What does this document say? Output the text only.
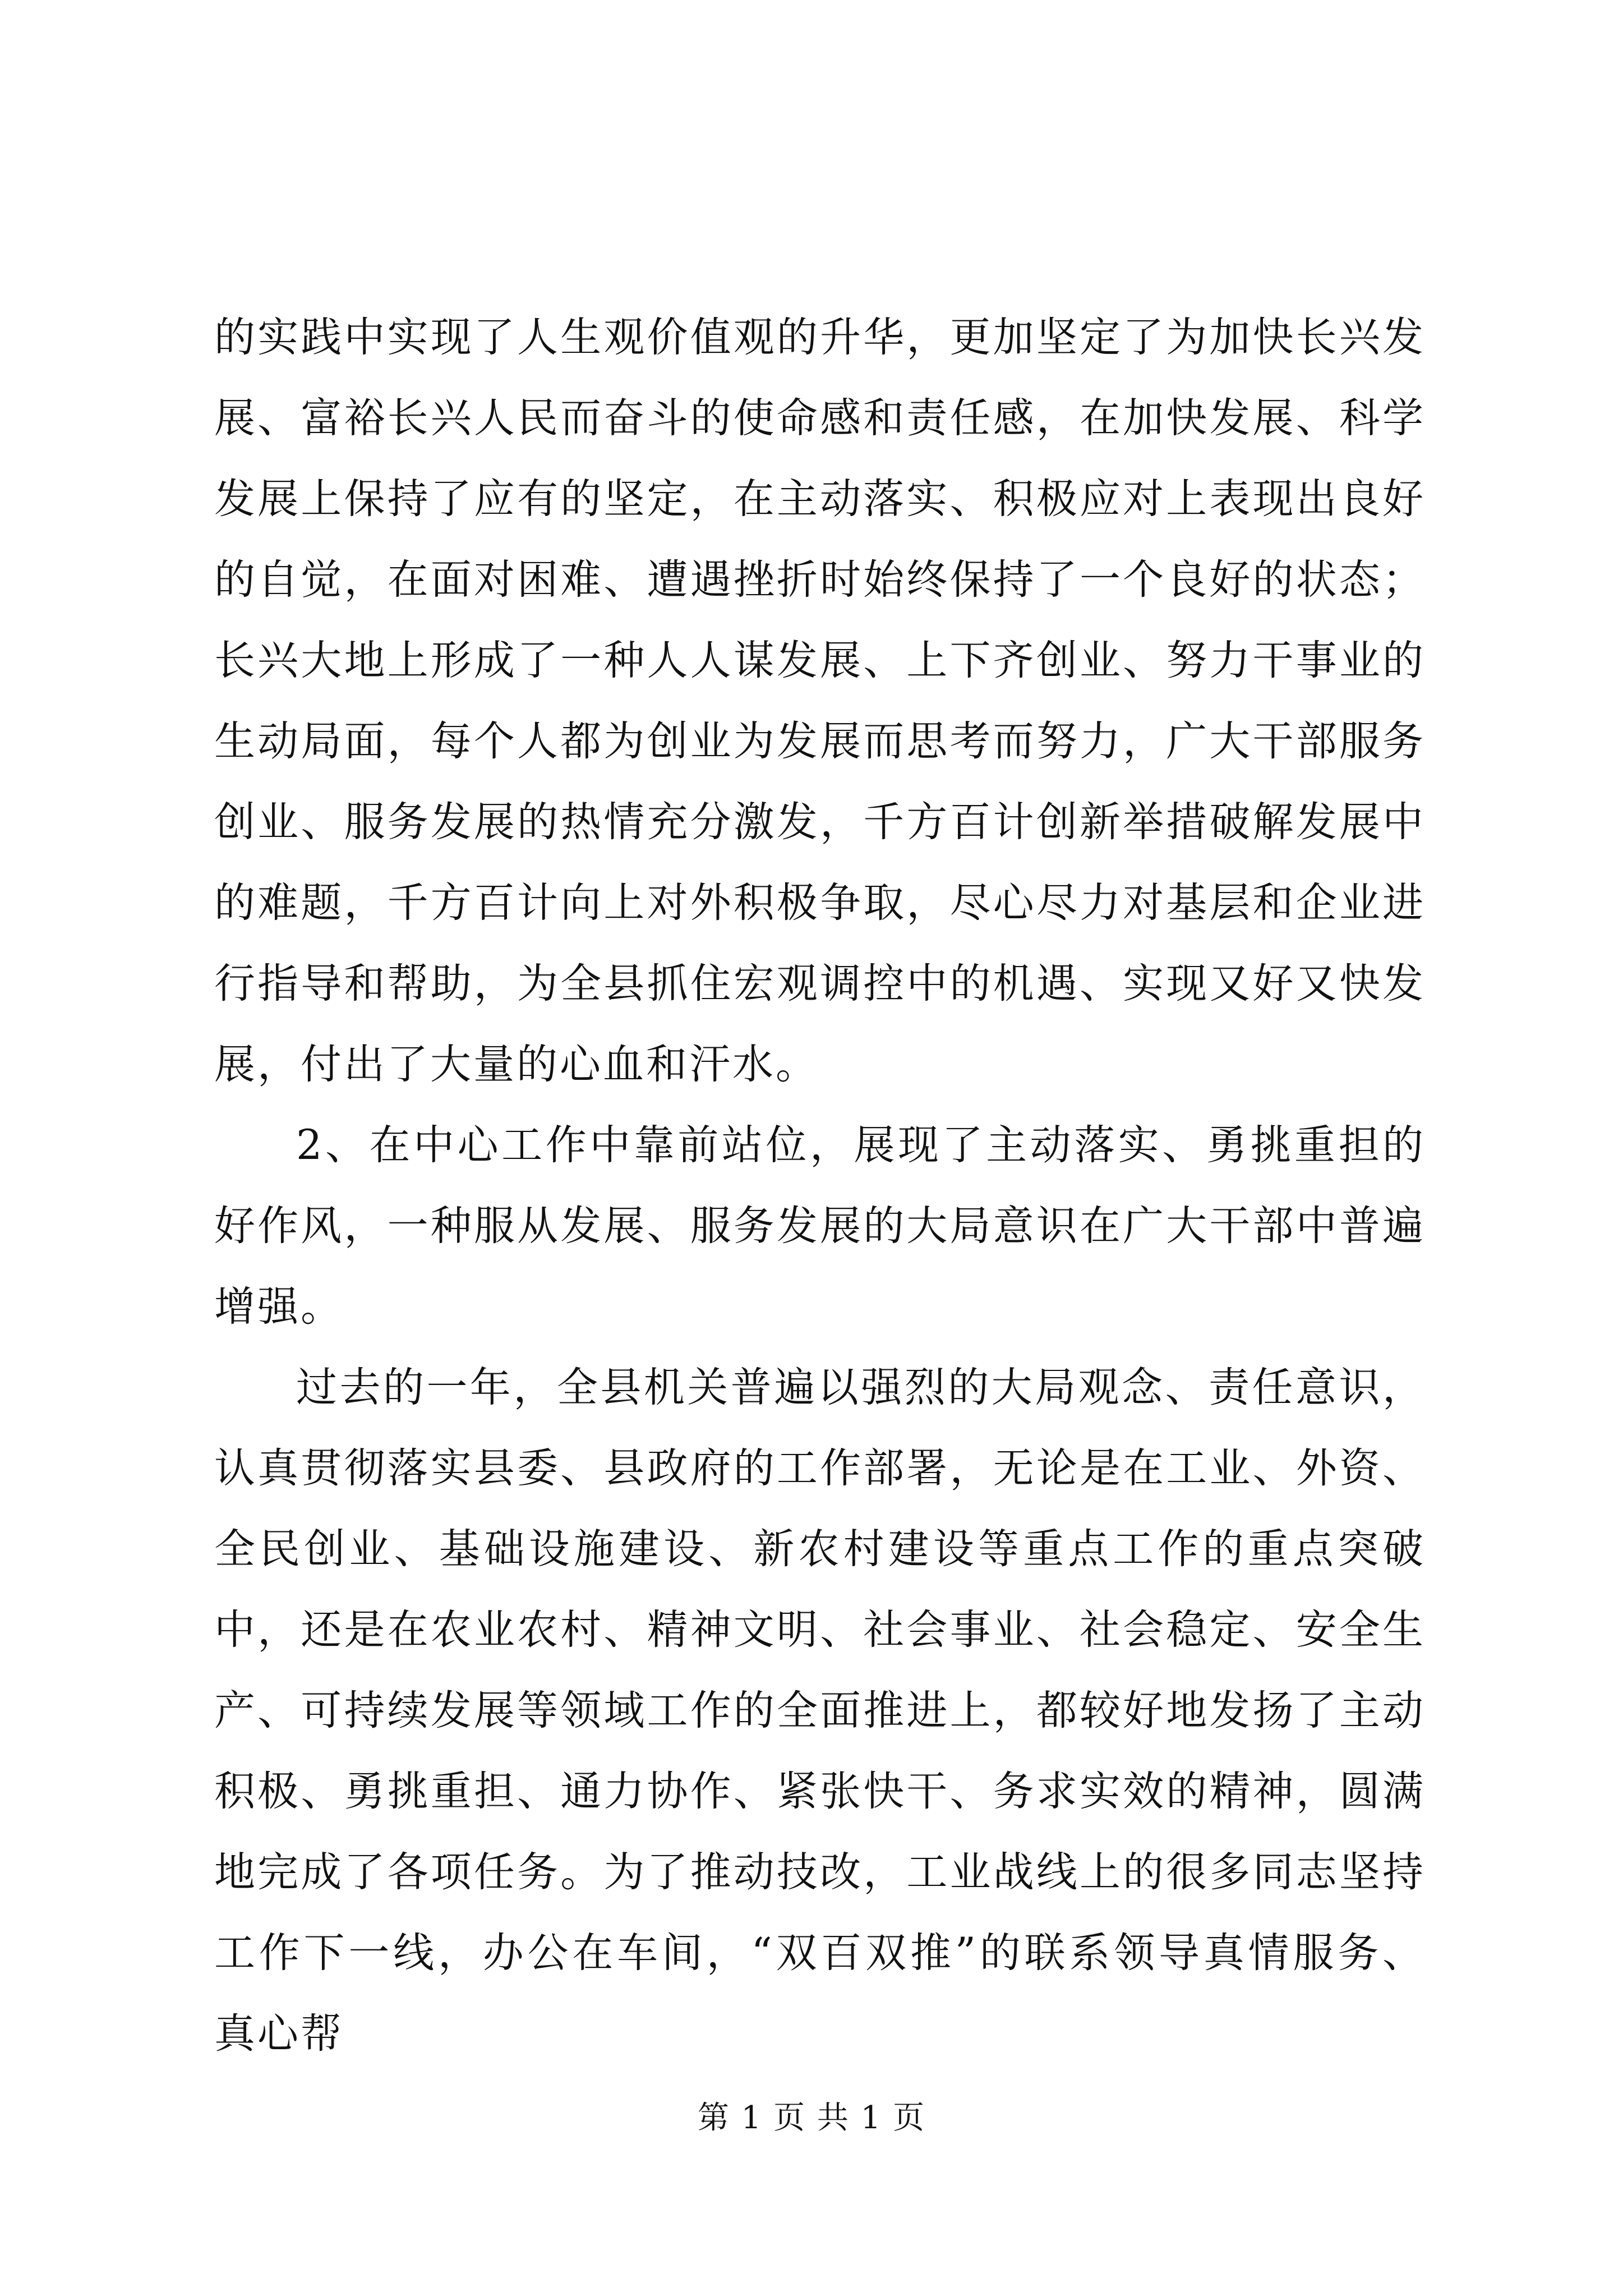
的实践中实现了人生观价值观的升华，更加坚定了为加快长兴发展、富裕长兴人民而奋斗的使命感和责任感，在加快发展、科学发展上保持了应有的坚定，在主动落实、积极应对上表现出良好的自觉，在面对困难、遭遇挫折时始终保持了一个良好的状态；长兴大地上形成了一种人人谋发展、上下齐创业、努力干事业的生动局面，每个人都为创业为发展而思考而努力，广大干部服务创业、服务发展的热情充分激发，千方百计创新举措破解发展中的难题，千方百计向上对外积极争取，尽心尽力对基层和企业进行指导和帮助，为全县抓住宏观调控中的机遇、实现又好又快发展，付出了大量的心血和汗水。

2、在中心工作中靠前站位，展现了主动落实、勇挑重担的好作风，一种服从发展、服务发展的大局意识在广大干部中普遍增强。

过去的一年，全县机关普遍以强烈的大局观念、责任意识，认真贯彻落实县委、县政府的工作部署，无论是在工业、外资、全民创业、基础设施建设、新农村建设等重点工作的重点突破中，还是在农业农村、精神文明、社会事业、社会稳定、安全生产、可持续发展等领域工作的全面推进上，都较好地发扬了主动积极、勇挑重担、通力协作、紧张快干、务求实效的精神，圆满地完成了各项任务。为了推动技改，工业战线上的很多同志坚持工作下一线，办公在车间，“双百双推”的联系领导真情服务、真心帮

第 1 页 共 1 页
